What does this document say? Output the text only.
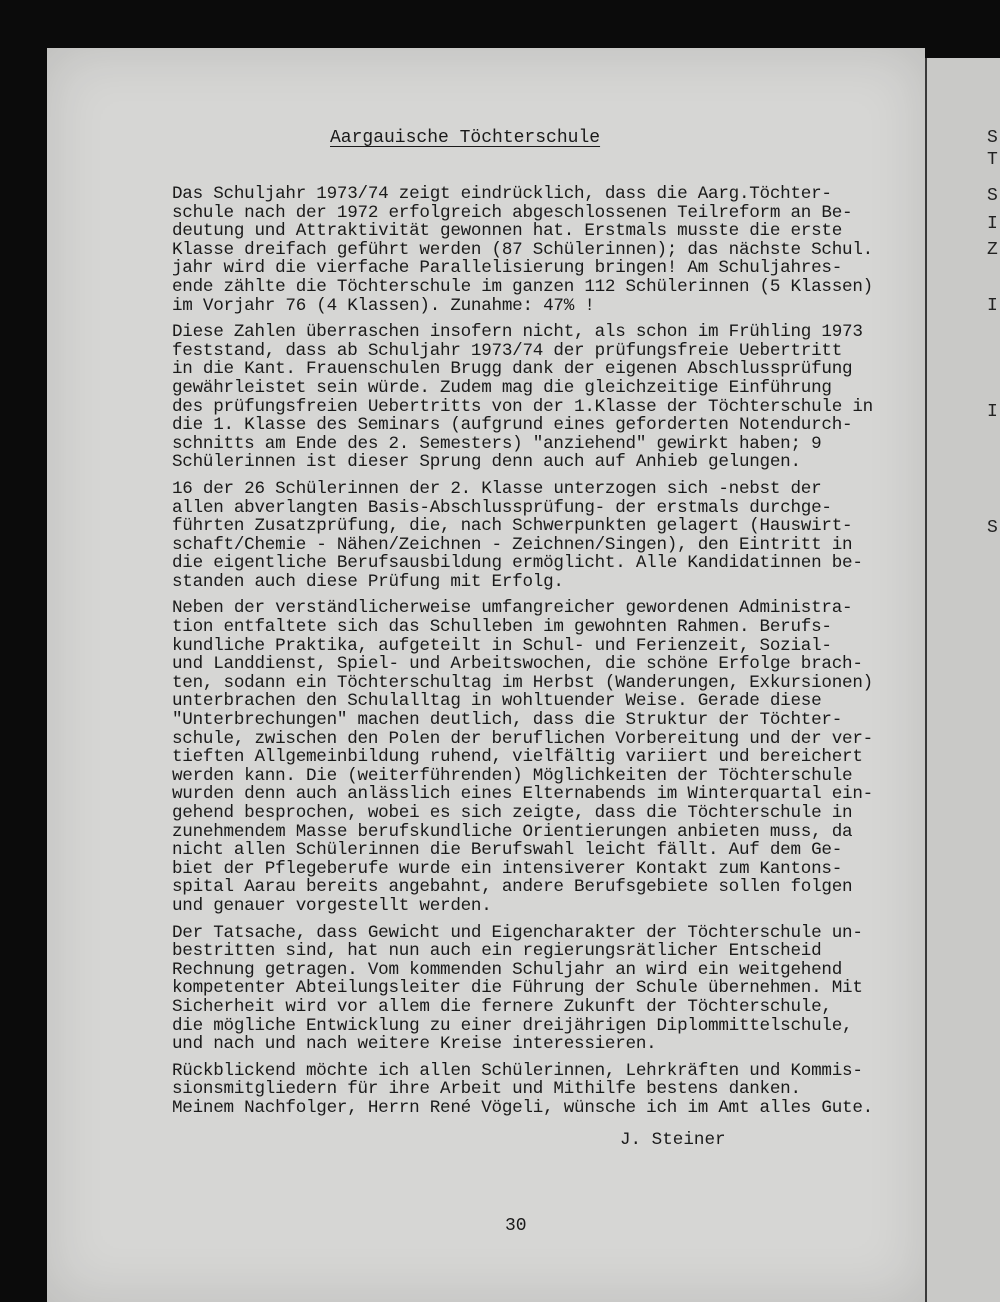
S
T
S
I
Z
I
I
S
Aargauische Töchterschule
Das Schuljahr 1973/74 zeigt eindrücklich, dass die Aarg.Töchter-
schule nach der 1972 erfolgreich abgeschlossenen Teilreform an Be-
deutung und Attraktivität gewonnen hat. Erstmals musste die erste
Klasse dreifach geführt werden (87 Schülerinnen); das nächste Schul.
jahr wird die vierfache Parallelisierung bringen! Am Schuljahres-
ende zählte die Töchterschule im ganzen 112 Schülerinnen (5 Klassen)
im Vorjahr 76 (4 Klassen). Zunahme: 47% !
Diese Zahlen überraschen insofern nicht, als schon im Frühling 1973
feststand, dass ab Schuljahr 1973/74 der prüfungsfreie Uebertritt
in die Kant. Frauenschulen Brugg dank der eigenen Abschlussprüfung
gewährleistet sein würde. Zudem mag die gleichzeitige Einführung
des prüfungsfreien Uebertritts von der 1.Klasse der Töchterschule in
die 1. Klasse des Seminars (aufgrund eines geforderten Notendurch-
schnitts am Ende des 2. Semesters) "anziehend" gewirkt haben; 9
Schülerinnen ist dieser Sprung denn auch auf Anhieb gelungen.
16 der 26 Schülerinnen der 2. Klasse unterzogen sich -nebst der
allen abverlangten Basis-Abschlussprüfung- der erstmals durchge-
führten Zusatzprüfung, die, nach Schwerpunkten gelagert (Hauswirt-
schaft/Chemie - Nähen/Zeichnen - Zeichnen/Singen), den Eintritt in
die eigentliche Berufsausbildung ermöglicht. Alle Kandidatinnen be-
standen auch diese Prüfung mit Erfolg.
Neben der verständlicherweise umfangreicher gewordenen Administra-
tion entfaltete sich das Schulleben im gewohnten Rahmen. Berufs-
kundliche Praktika, aufgeteilt in Schul- und Ferienzeit, Sozial-
und Landdienst, Spiel- und Arbeitswochen, die schöne Erfolge brach-
ten, sodann ein Töchterschultag im Herbst (Wanderungen, Exkursionen)
unterbrachen den Schulalltag in wohltuender Weise. Gerade diese
"Unterbrechungen" machen deutlich, dass die Struktur der Töchter-
schule, zwischen den Polen der beruflichen Vorbereitung und der ver-
tieften Allgemeinbildung ruhend, vielfältig variiert und bereichert
werden kann. Die (weiterführenden) Möglichkeiten der Töchterschule
wurden denn auch anlässlich eines Elternabends im Winterquartal ein-
gehend besprochen, wobei es sich zeigte, dass die Töchterschule in
zunehmendem Masse berufskundliche Orientierungen anbieten muss, da
nicht allen Schülerinnen die Berufswahl leicht fällt. Auf dem Ge-
biet der Pflegeberufe wurde ein intensiverer Kontakt zum Kantons-
spital Aarau bereits angebahnt, andere Berufsgebiete sollen folgen
und genauer vorgestellt werden.
Der Tatsache, dass Gewicht und Eigencharakter der Töchterschule un-
bestritten sind, hat nun auch ein regierungsrätlicher Entscheid
Rechnung getragen. Vom kommenden Schuljahr an wird ein weitgehend
kompetenter Abteilungsleiter die Führung der Schule übernehmen. Mit
Sicherheit wird vor allem die fernere Zukunft der Töchterschule,
die mögliche Entwicklung zu einer dreijährigen Diplommittelschule,
und nach und nach weitere Kreise interessieren.
Rückblickend möchte ich allen Schülerinnen, Lehrkräften und Kommis-
sionsmitgliedern für ihre Arbeit und Mithilfe bestens danken.
Meinem Nachfolger, Herrn René Vögeli, wünsche ich im Amt alles Gute.
J. Steiner
30
